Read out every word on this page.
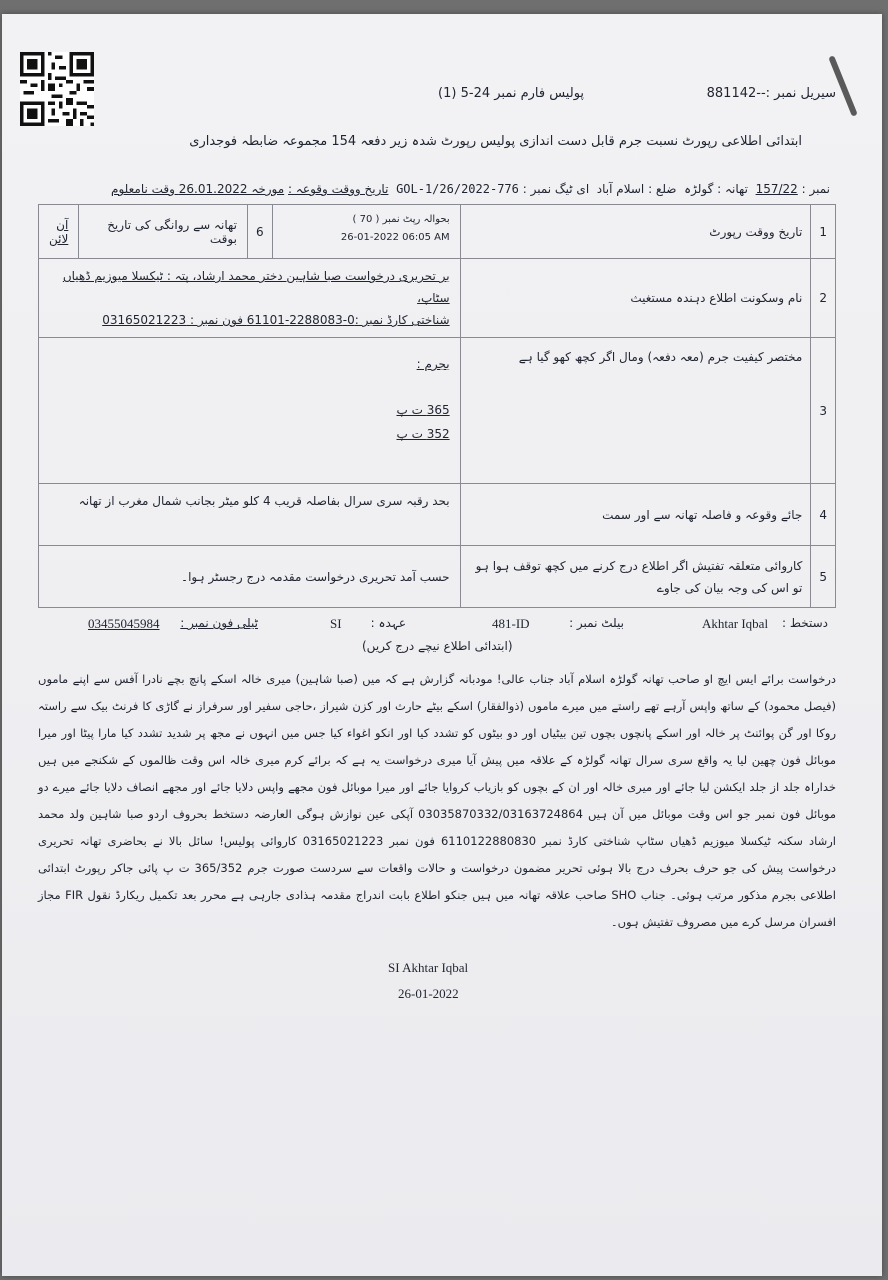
سیریل نمبر :--881142
پولیس فارم نمبر 24-5 (1)
ابتدائی اطلاعی رپورٹ نسبت جرم قابل دست اندازی پولیس رپورٹ شدہ زیر دفعہ 154 مجموعہ ضابطہ فوجداری
نمبر : 157/22  تھانہ : گولڑہ  ضلع : اسلام آباد  ای ٹیگ نمبر : GOL-1/26/2022-776  تاریخ ووقت وقوعہ : مورخہ 26.01.2022 وقت نامعلوم
1	تاریخ ووقت رپورٹ	بحوالہ رپٹ نمبر ( 70 )
26-01-2022 06:05 AM	6	تھانہ سے روانگی کی تاریخ بوقت	آن لائن
2	نام وسکونت اطلاع دہندہ مستغیث	بر تحریری درخواست صبا شاہین دختر محمد ارشاد، پتہ : ٹیکسلا میوزیم ڈھیاں سٹاپ،
شناختی کارڈ نمبر :0-2288083-61101 فون نمبر : 03165021223			

3	مختصر کیفیت جرم (معہ دفعہ) ومال اگر کچھ کھو گیا ہے	بجرم :
365 ت پ
352 ت پ			

4	جائے وقوعہ و فاصلہ تھانہ سے اور سمت	بحد رقبہ سری سرال بفاصلہ قریب 4 کلو میٹر بجانب شمال مغرب از تھانہ			
5	کاروائی متعلقہ تفتیش اگر اطلاع درج کرنے میں کچھ توقف ہوا ہو تو اس کی وجہ بیان کی جاوے	حسب آمد تحریری درخواست مقدمہ درج رجسٹر ہوا۔			
دستخط :
Akhtar Iqbal
بیلٹ نمبر :
481-ID
عہدہ :
SI
ٹیلی فون نمبر :
03455045984
(ابتدائی اطلاع نیچے درج کریں)
درخواست برائے ایس ایچ او صاحب تھانہ گولڑہ اسلام آباد جناب عالی! مودبانہ گزارش ہے کہ میں (صبا شاہین) میری خالہ اسکے پانچ بچے نادرا آفس سے اپنے ماموں (فیصل محمود) کے ساتھ واپس آرہے تھے راستے میں میرے ماموں (ذوالفقار) اسکے بیٹے حارث اور کزن شیراز ،حاجی سفیر اور سرفراز نے گاڑی کا فرنٹ بیک سے راستہ روکا اور گن پوائنٹ پر خالہ اور اسکے پانچوں بچوں تین بیٹیاں اور دو بیٹوں کو تشدد کیا اور انکو اغواء کیا جس میں انہوں نے مجھ پر شدید تشدد کیا مارا پیٹا اور میرا موبائل فون چھین لیا یہ واقع سری سرال تھانہ گولڑہ کے علاقہ میں پیش آیا میری درخواست یہ ہے کہ برائے کرم میری خالہ اس وقت ظالموں کے شکنجے میں ہیں خداراہ جلد از جلد ایکشن لیا جائے اور میری خالہ اور ان کے بچوں کو بازیاب کروایا جائے اور میرا موبائل فون مجھے واپس دلایا جائے اور مجھے انصاف دلایا جائے میرے دو موبائل فون نمبر جو اس وقت موبائل میں آن ہیں 03035870332/03163724864 آپکی عین نوازش ہوگی العارضہ دستخط بحروف اردو صبا شاہین ولد محمد ارشاد سکنہ ٹیکسلا میوزیم ڈھیاں سٹاپ شناختی کارڈ نمبر 6110122880830 فون نمبر 03165021223 کاروائی پولیس! سائل بالا نے بحاضری تھانہ تحریری درخواست پیش کی جو حرف بحرف درج بالا ہوئی تحریر مضمون درخواست و حالات واقعات سے سردست صورت جرم 365/352 ت پ پائی جاکر رپورٹ ابتدائی اطلاعی بجرم مذکور مرتب ہوئی۔ جناب SHO صاحب علاقہ تھانہ میں ہیں جنکو اطلاع بابت اندراج مقدمہ ہذادی جارہی ہے محرر بعد تکمیل ریکارڈ نقول FIR مجاز افسران مرسل کرے میں مصروف تفتیش ہوں۔
SI Akhtar Iqbal
26-01-2022
